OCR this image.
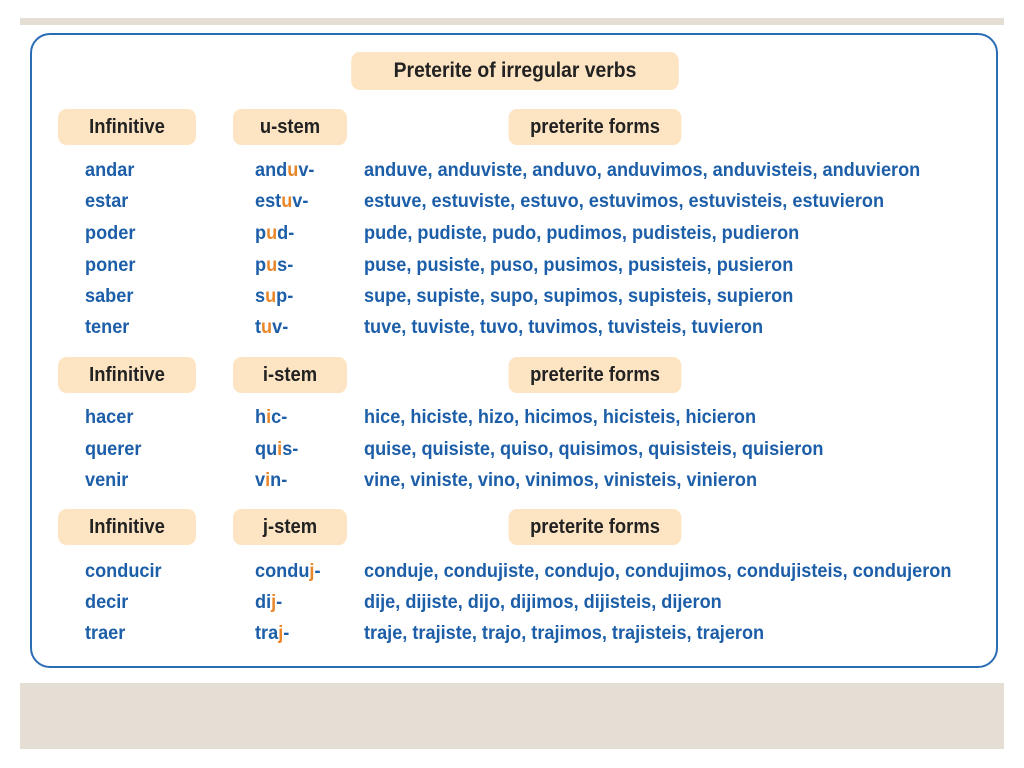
Preterite of irregular verbs
Infinitive	u-stem	preterite forms
andar	anduv-	anduve, anduviste, anduvo, anduvimos, anduvisteis, anduvieron
estar	estuv-	estuve, estuviste, estuvo, estuvimos, estuvisteis, estuvieron
poder	pud-	pude, pudiste, pudo, pudimos, pudisteis, pudieron
poner	pus-	puse, pusiste, puso, pusimos, pusisteis, pusieron
saber	sup-	supe, supiste, supo, supimos, supisteis, supieron
tener	tuv-	tuve, tuviste, tuvo, tuvimos, tuvisteis, tuvieron
Infinitive	i-stem	preterite forms
hacer	hic-	hice, hiciste, hizo, hicimos, hicisteis, hicieron
querer	quis-	quise, quisiste, quiso, quisimos, quisisteis, quisieron
venir	vin-	vine, viniste, vino, vinimos, vinisteis, vinieron
Infinitive	j-stem	preterite forms
conducir	conduj- conduje, condujiste, condujo, condujimos, condujisteis, condujeron
decir	dij-	dije, dijiste, dijo, dijimos, dijisteis, dijeron
traer	traj-	traje, trajiste, trajo, trajimos, trajisteis, trajeron
